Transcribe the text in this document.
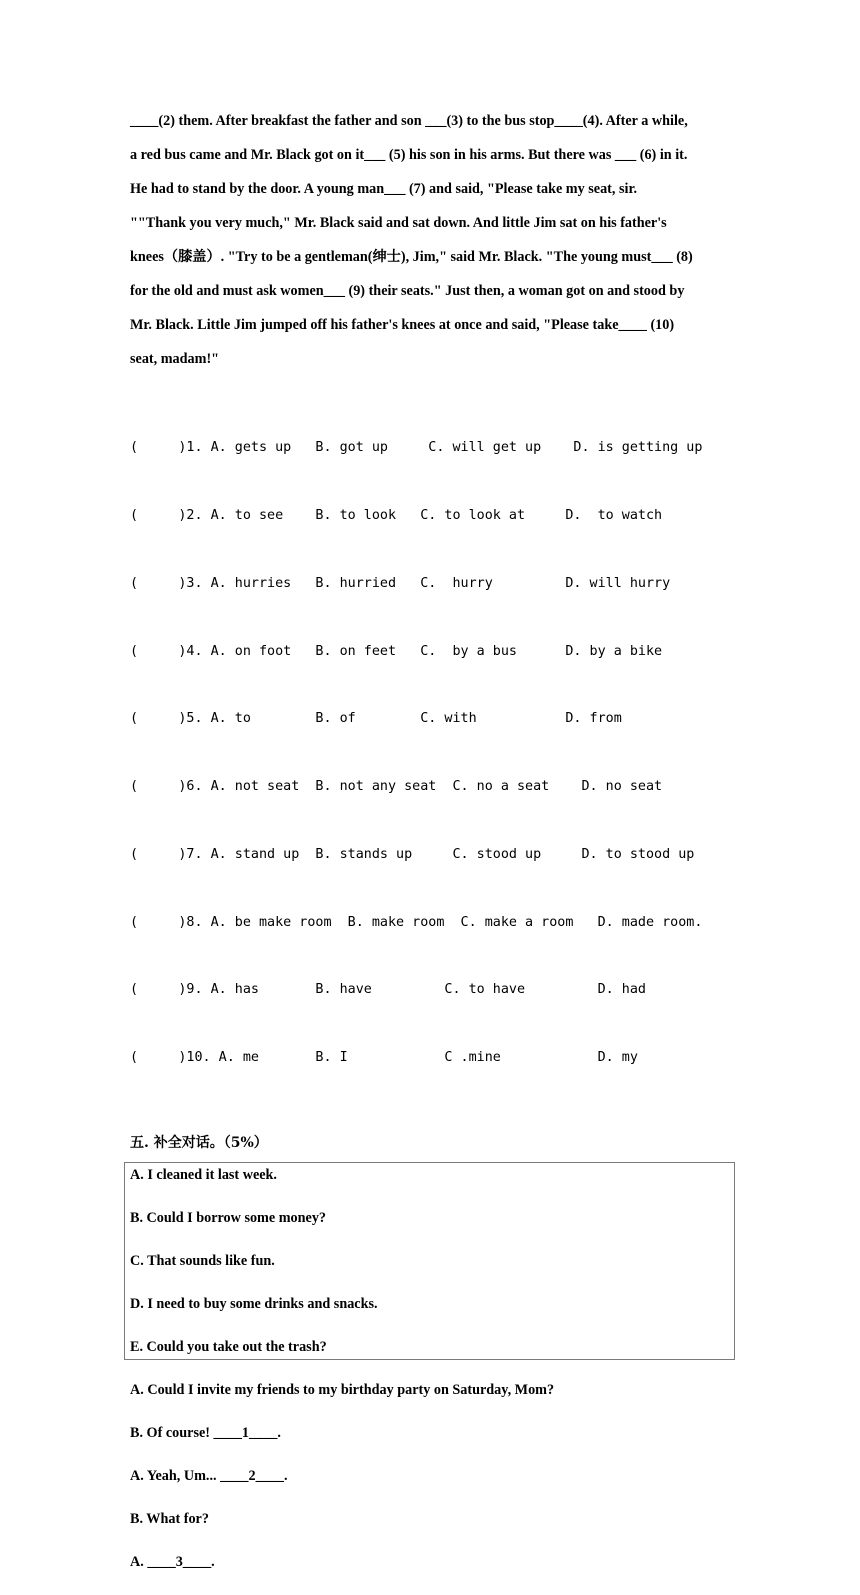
____(2) them. After breakfast the father and son ___(3) to the bus stop____(4). After a while,
a red bus came and Mr. Black got on it___ (5) his son in his arms. But there was ___ (6) in it.
He had to stand by the door. A young man___ (7) and said, "Please take my seat, sir.
""Thank you very much," Mr. Black said and sat down. And little Jim sat on his father's
knees（膝盖）. "Try to be a gentleman(绅士), Jim," said Mr. Black. "The young must___ (8)
for the old and must ask women___ (9) their seats." Just then, a woman got on and stood by
Mr. Black. Little Jim jumped off his father's knees at once and said, "Please take____ (10)
seat, madam!"

(     )1. A. gets up   B. got up     C. will get up    D. is getting up

(     )2. A. to see    B. to look   C. to look at     D.  to watch

(     )3. A. hurries   B. hurried   C.  hurry         D. will hurry

(     )4. A. on foot   B. on feet   C.  by a bus      D. by a bike

(     )5. A. to        B. of        C. with           D. from

(     )6. A. not seat  B. not any seat  C. no a seat    D. no seat

(     )7. A. stand up  B. stands up     C. stood up     D. to stood up

(     )8. A. be make room  B. make room  C. make a room   D. made room.

(     )9. A. has       B. have         C. to have         D. had

(     )10. A. me       B. I            C .mine            D. my

五. 补全对话。（5%）
A. I cleaned it last week.
B. Could I borrow some money?
C. That sounds like fun.
D. I need to buy some drinks and snacks.
E. Could you take out the trash?
A. Could I invite my friends to my birthday party on Saturday, Mom?
B. Of course! ____1____.
A. Yeah, Um... ____2____.
B. What for?
A. ____3____.
